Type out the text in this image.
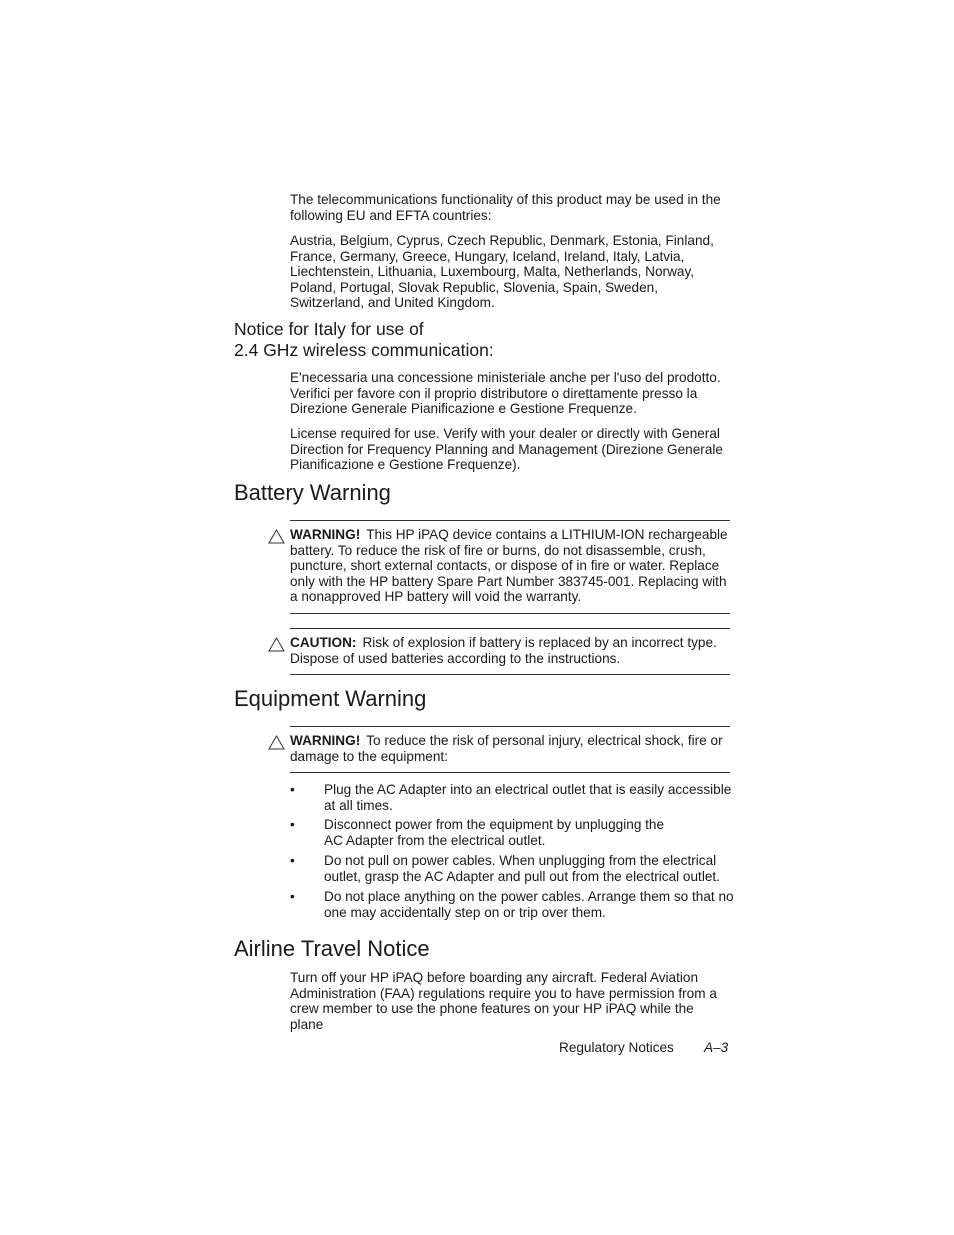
The telecommunications functionality of this product may be used in the following EU and EFTA countries:

Austria, Belgium, Cyprus, Czech Republic, Denmark, Estonia, Finland, France, Germany, Greece, Hungary, Iceland, Ireland, Italy, Latvia, Liechtenstein, Lithuania, Luxembourg, Malta, Netherlands, Norway, Poland, Portugal, Slovak Republic, Slovenia, Spain, Sweden, Switzerland, and United Kingdom.

Notice for Italy for use of
2.4 GHz wireless communication:

E'necessaria una concessione ministeriale anche per l'uso del prodotto. Verifici per favore con il proprio distributore o direttamente presso la Direzione Generale Pianificazione e Gestione Frequenze.

License required for use. Verify with your dealer or directly with General Direction for Frequency Planning and Management (Direzione Generale Pianificazione e Gestione Frequenze).

Battery Warning

WARNING! This HP iPAQ device contains a LITHIUM-ION rechargeable battery. To reduce the risk of fire or burns, do not disassemble, crush, puncture, short external contacts, or dispose of in fire or water. Replace only with the HP battery Spare Part Number 383745-001. Replacing with a nonapproved HP battery will void the warranty.

CAUTION: Risk of explosion if battery is replaced by an incorrect type. Dispose of used batteries according to the instructions.

Equipment Warning

WARNING! To reduce the risk of personal injury, electrical shock, fire or damage to the equipment:

• Plug the AC Adapter into an electrical outlet that is easily accessible at all times.

• Disconnect power from the equipment by unplugging the AC Adapter from the electrical outlet.

• Do not pull on power cables. When unplugging from the electrical outlet, grasp the AC Adapter and pull out from the electrical outlet.

• Do not place anything on the power cables. Arrange them so that no one may accidentally step on or trip over them.

Airline Travel Notice

Turn off your HP iPAQ before boarding any aircraft. Federal Aviation Administration (FAA) regulations require you to have permission from a crew member to use the phone features on your HP iPAQ while the plane

Regulatory Notices A–3
